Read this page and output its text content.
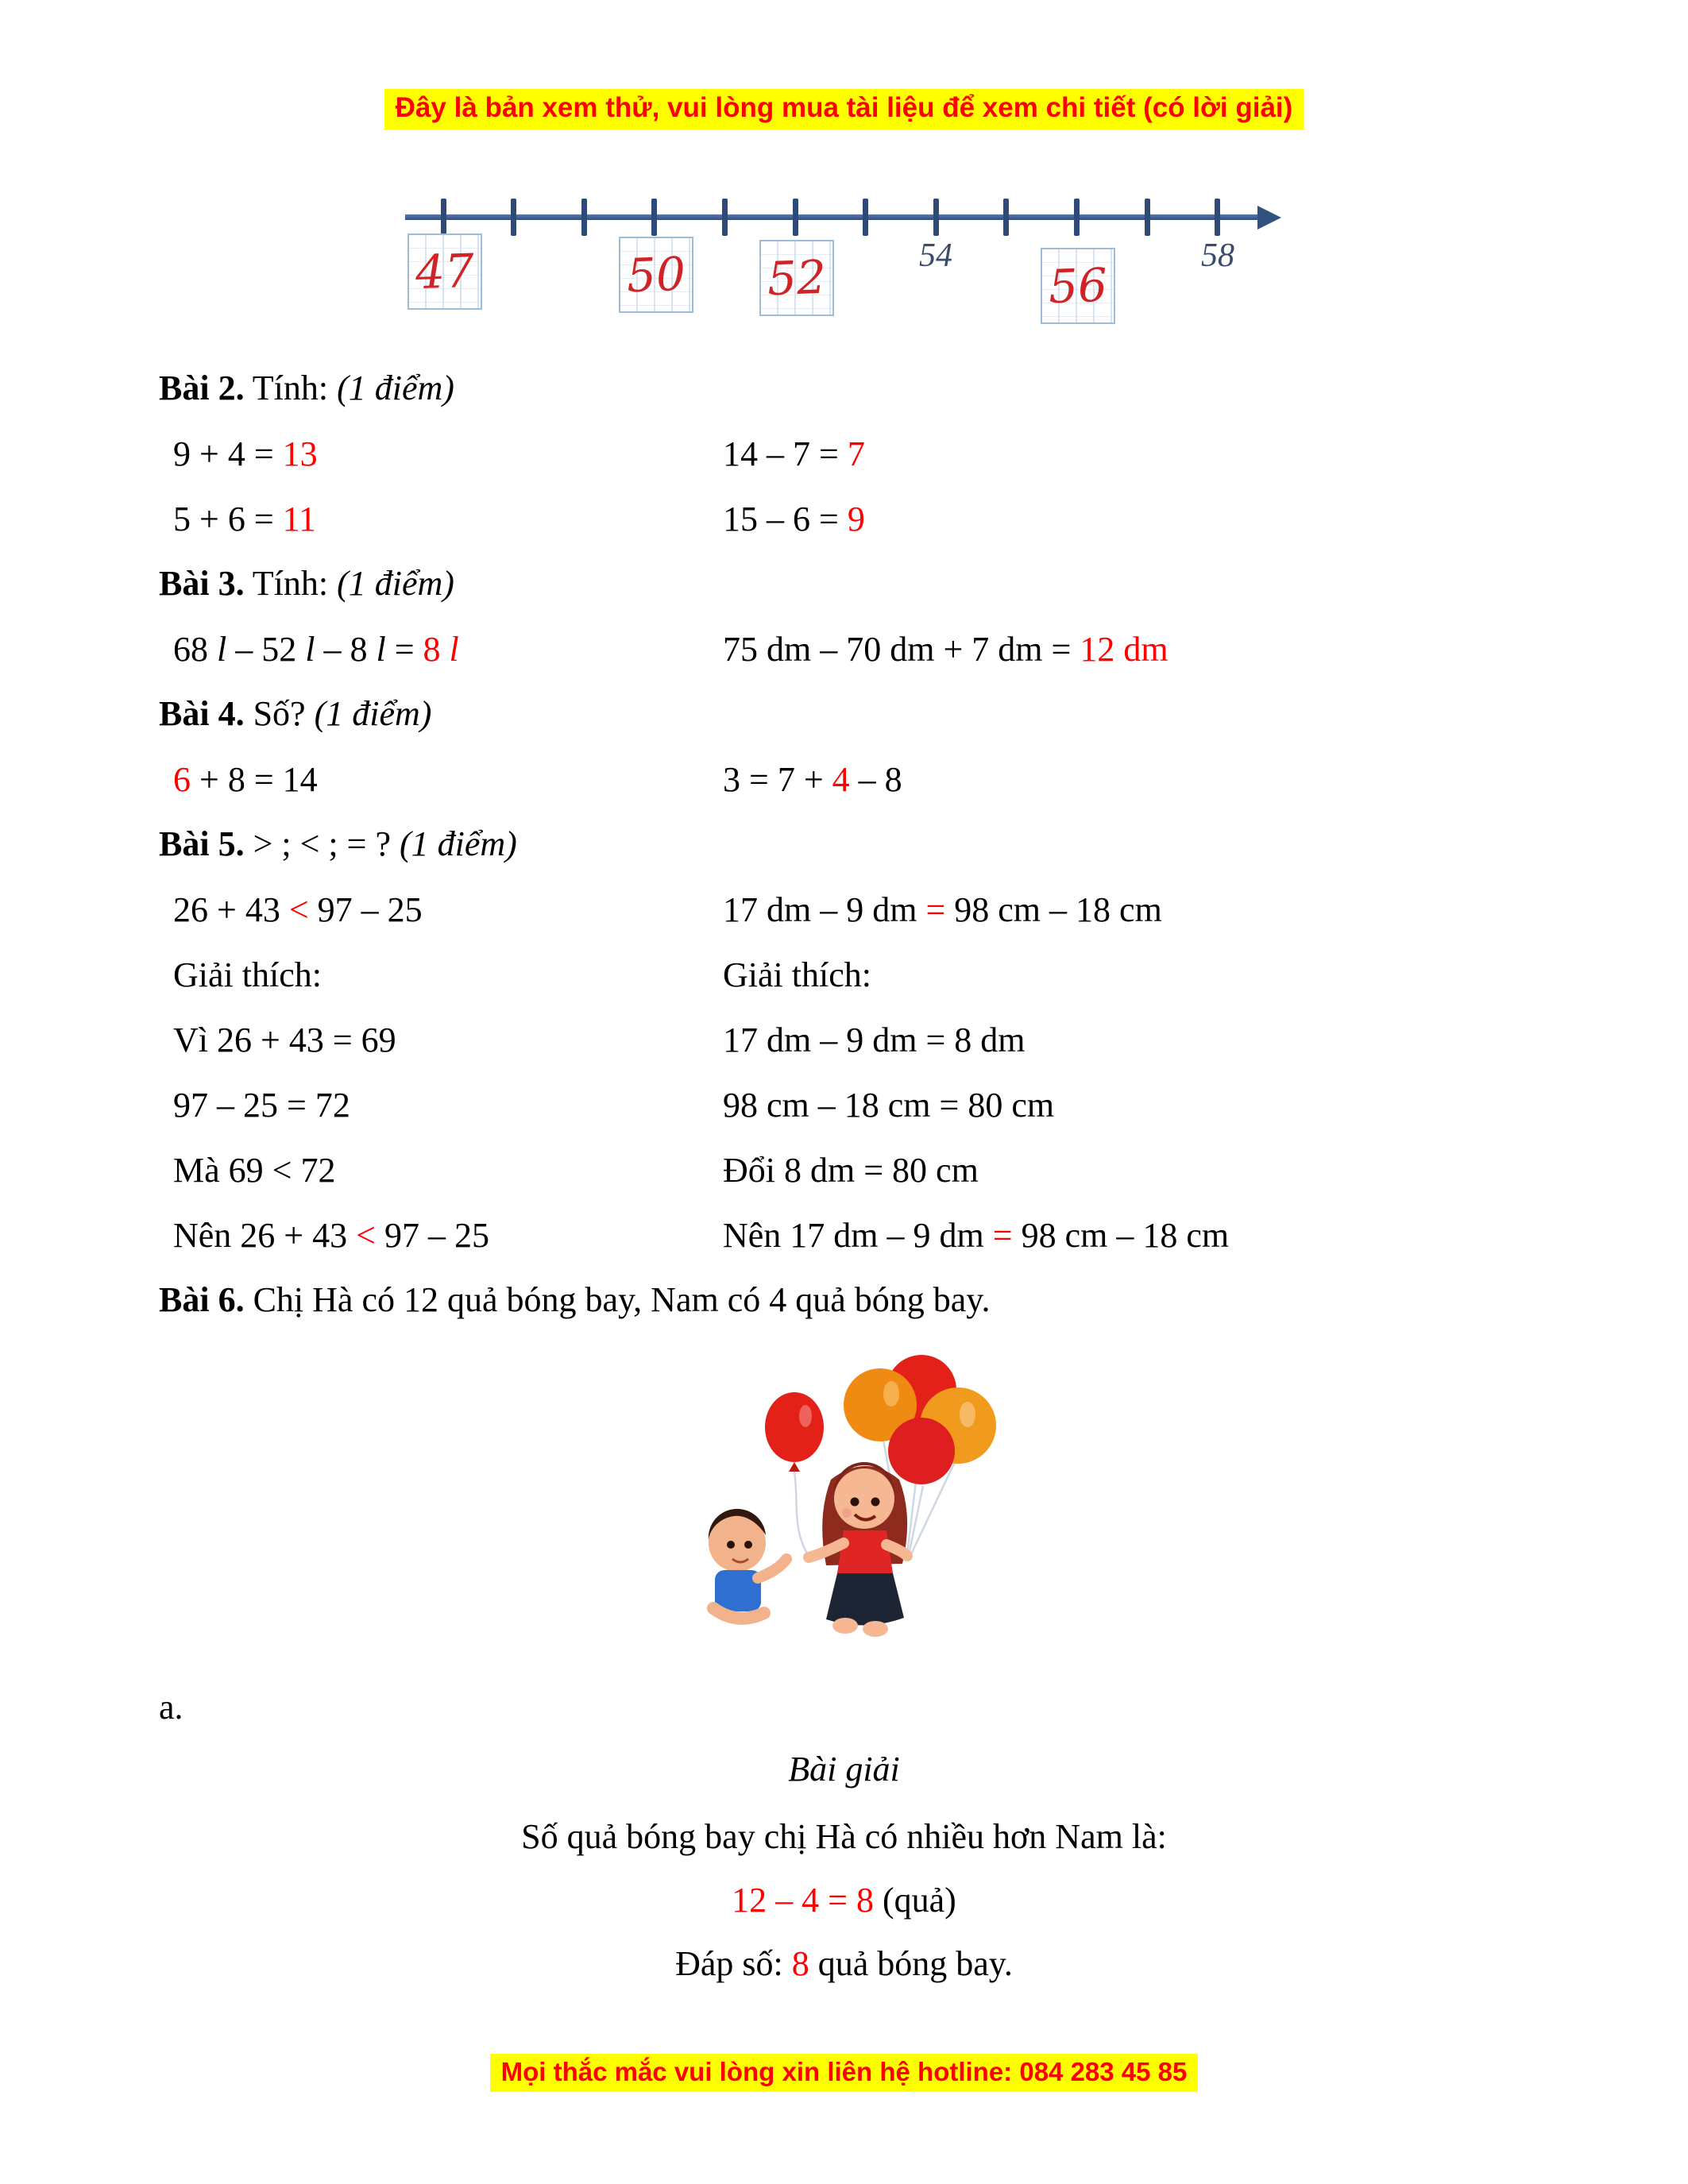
Đây là bản xem thử, vui lòng mua tài liệu để xem chi tiết (có lời giải)
47	50 52	56
54	58
Bài 2. Tính: (1 điểm)
9 + 4 = 13	14 – 7 = 7
5 + 6 = 11	15 – 6 = 9
Bài 3. Tính: (1 điểm)
68 l – 52 l – 8 l = 8 l	75 dm – 70 dm + 7 dm = 12 dm
Bài 4. Số? (1 điểm)
6 + 8 = 14	3 = 7 + 4 – 8
Bài 5. > ; < ; = ? (1 điểm)
26 + 43 < 97 – 25	17 dm – 9 dm = 98 cm – 18 cm
Giải thích:	Giải thích:
Vì 26 + 43 = 69	17 dm – 9 dm = 8 dm
97 – 25 = 72	98 cm – 18 cm = 80 cm
Mà 69 < 72	Đổi 8 dm = 80 cm
Nên 26 + 43 < 97 – 25	Nên 17 dm – 9 dm = 98 cm – 18 cm
Bài 6. Chị Hà có 12 quả bóng bay, Nam có 4 quả bóng bay.
a.
Bài giải
Số quả bóng bay chị Hà có nhiều hơn Nam là:
12 – 4 = 8 (quả)
Đáp số: 8 quả bóng bay.
Mọi thắc mắc vui lòng xin liên hệ hotline: 084 283 45 85
